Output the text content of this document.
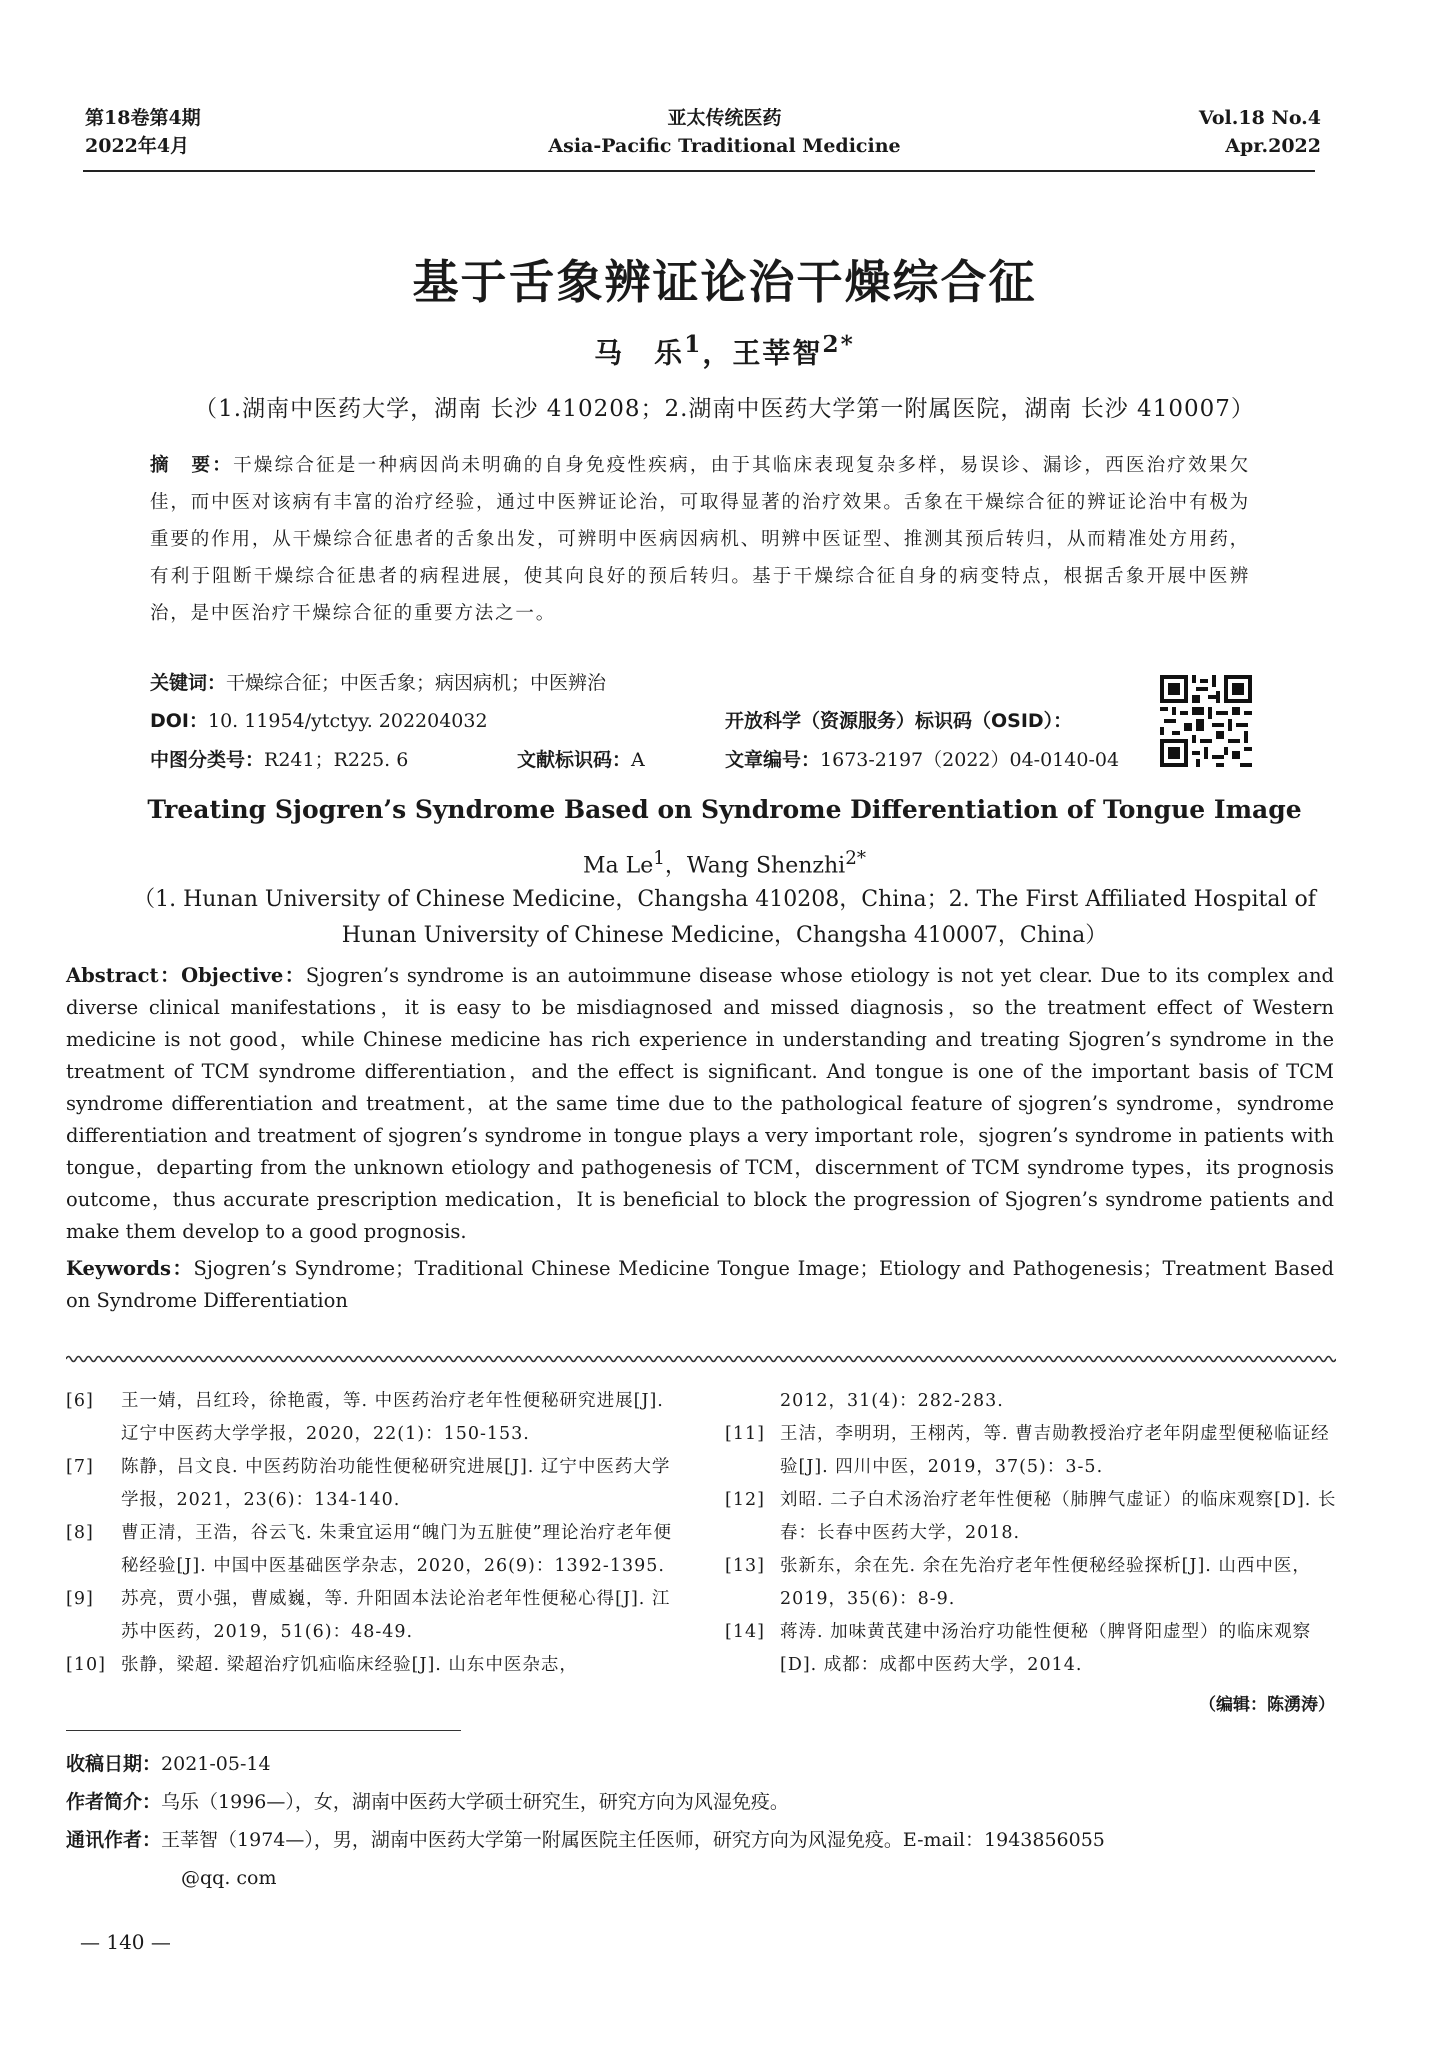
第18卷第4期
2022年4月
亚太传统医药
Asia-Pacific Traditional Medicine
Vol.18 No.4
Apr.2022
基于舌象辨证论治干燥综合征
马　乐$^1$，王莘智$^{2*}$
（1.湖南中医药大学，湖南 长沙 410208；2.湖南中医药大学第一附属医院，湖南 长沙 410007）
摘　要：干燥综合征是一种病因尚未明确的自身免疫性疾病，由于其临床表现复杂多样，易误诊、漏诊，西医治疗效果欠佳，而中医对该病有丰富的治疗经验，通过中医辨证论治，可取得显著的治疗效果。舌象在干燥综合征的辨证论治中有极为重要的作用，从干燥综合征患者的舌象出发，可辨明中医病因病机、明辨中医证型、推测其预后转归，从而精准处方用药，有利于阻断干燥综合征患者的病程进展，使其向良好的预后转归。基于干燥综合征自身的病变特点，根据舌象开展中医辨治，是中医治疗干燥综合征的重要方法之一。
关键词：干燥综合征；中医舌象；病因病机；中医辨治
DOI：10. 11954/ytctyy. 202204032	开放科学（资源服务）标识码（OSID）：
中图分类号：R241；R225. 6	文献标识码：A	文章编号：1673-2197（2022）04-0140-04
Treating Sjogren’s Syndrome Based on Syndrome Differentiation of Tongue Image
Ma Le$^1$，Wang Shenzhi$^{2*}$
（1. Hunan University of Chinese Medicine，Changsha 410208，China；2. The First Affiliated Hospital of
Hunan University of Chinese Medicine，Changsha 410007，China）
Abstract：Objective：Sjogren’s syndrome is an autoimmune disease whose etiology is not yet clear. Due to its complex and diverse clinical manifestations，it is easy to be misdiagnosed and missed diagnosis，so the treatment effect of Western medicine is not good，while Chinese medicine has rich experience in understanding and treating Sjogren’s syndrome in the treatment of TCM syndrome differentiation，and the effect is significant. And tongue is one of the important basis of TCM syndrome differentiation and treatment，at the same time due to the pathological feature of sjogren’s syndrome，syndrome differentiation and treatment of sjogren’s syndrome in tongue plays a very important role，sjogren’s syndrome in patients with tongue，departing from the unknown etiology and pathogenesis of TCM，discernment of TCM syndrome types，its prognosis outcome，thus accurate prescription medication，It is beneficial to block the progression of Sjogren’s syndrome patients and make them develop to a good prognosis.
Keywords：Sjogren’s Syndrome；Traditional Chinese Medicine Tongue Image；Etiology and Pathogenesis；Treatment Based on Syndrome Differentiation
[6] 王一婧，吕红玲，徐艳霞，等. 中医药治疗老年性便秘研究进展[J]. 辽宁中医药大学学报，2020，22(1)：150-153.
[7] 陈静，吕文良. 中医药防治功能性便秘研究进展[J]. 辽宁中医药大学学报，2021，23(6)：134-140.
[8] 曹正清，王浩，谷云飞. 朱秉宜运用“魄门为五脏使”理论治疗老年便秘经验[J]. 中国中医基础医学杂志，2020，26(9)：1392-1395.
[9] 苏亮，贾小强，曹威巍，等. 升阳固本法论治老年性便秘心得[J]. 江苏中医药，2019，51(6)：48-49.
[10] 张静，梁超. 梁超治疗饥疝临床经验[J]. 山东中医杂志，
2012，31(4)：282-283.
[11] 王洁，李明玥，王栩芮，等. 曹吉勋教授治疗老年阴虚型便秘临证经验[J]. 四川中医，2019，37(5)：3-5.
[12] 刘昭. 二子白术汤治疗老年性便秘（肺脾气虚证）的临床观察[D]. 长春：长春中医药大学，2018.
[13] 张新东，余在先. 余在先治疗老年性便秘经验探析[J]. 山西中医，2019，35(6)：8-9.
[14] 蒋涛. 加味黄芪建中汤治疗功能性便秘（脾肾阳虚型）的临床观察[D]. 成都：成都中医药大学，2014.
（编辑：陈湧涛）
收稿日期：2021-05-14
作者简介：乌乐（1996—），女，湖南中医药大学硕士研究生，研究方向为风湿免疫。
通讯作者：王莘智（1974—），男，湖南中医药大学第一附属医院主任医师，研究方向为风湿免疫。E-mail：1943856055
@qq. com
— 140 —
